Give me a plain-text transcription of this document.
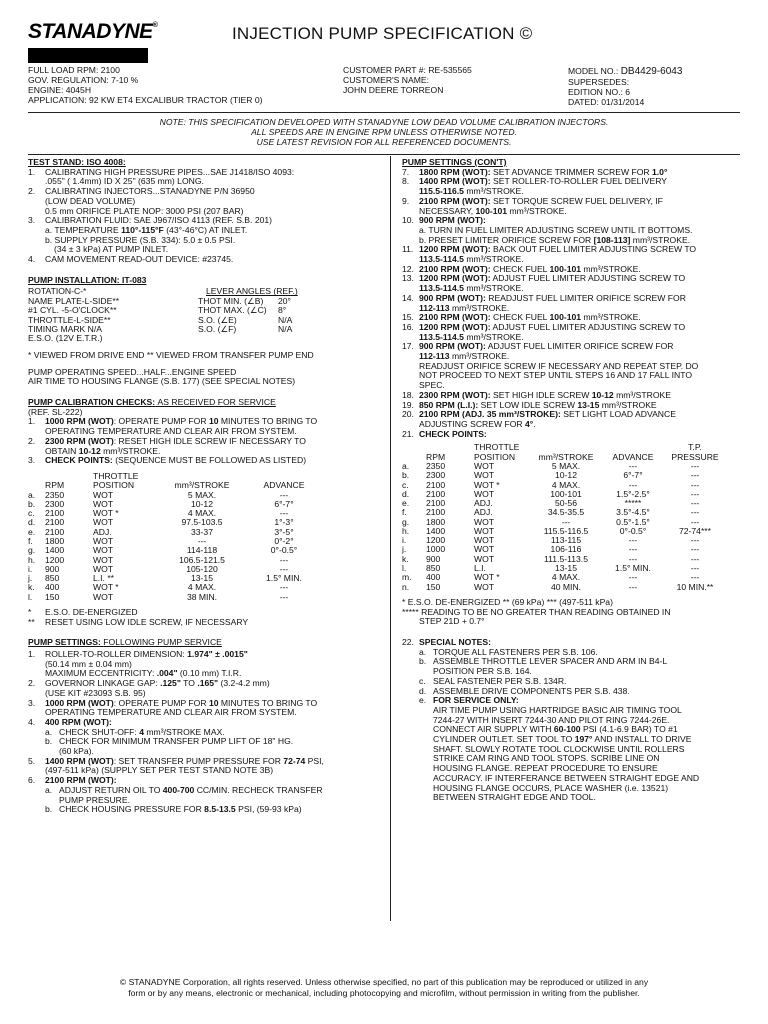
STANADYNE®	INJECTION PUMP SPECIFICATION ©
FULL LOAD RPM: 2100
GOV. REGULATION: 7-10 %
ENGINE: 4045H
APPLICATION: 92 KW ET4 EXCALIBUR TRACTOR (TIER 0)
CUSTOMER PART #: RE-535565
CUSTOMER'S NAME:
JOHN DEERE TORREON
MODEL NO.: DB4429-6043
SUPERSEDES:
EDITION NO.: 6
DATED: 01/31/2014
NOTE: THIS SPECIFICATION DEVELOPED WITH STANADYNE LOW DEAD VOLUME CALIBRATION INJECTORS.
ALL SPEEDS ARE IN ENGINE RPM UNLESS OTHERWISE NOTED.
USE LATEST REVISION FOR ALL REFERENCED DOCUMENTS.
TEST STAND: ISO 4008:
1.	CALIBRATING HIGH PRESSURE PIPES...SAE J1418/ISO 4093:
.055" ( 1.4mm) ID X 25" (635 mm) LONG.
2.	CALIBRATING INJECTORS...STANADYNE P/N 36950
(LOW DEAD VOLUME)
0.5 mm ORIFICE PLATE NOP: 3000 PSI (207 BAR)
3.	CALIBRATION FLUID: SAE J967/ISO 4113 (REF. S.B. 201)
a. TEMPERATURE 110°-115°F (43°-46°C) AT INLET.
b. SUPPLY PRESSURE (S.B. 334): 5.0 ± 0.5 PSI.
(34 ± 3 kPa) AT PUMP INLET.
4.	CAM MOVEMENT READ-OUT DEVICE: #23745.
PUMP INSTALLATION: IT-083
ROTATION-C-*	LEVER ANGLES (REF.)
NAME PLATE-L-SIDE**	THOT MIN. (∠B)	20°
#1 CYL. -5-O'CLOCK**	THOT MAX. (∠C)	8°
THROTTLE-L-SIDE**	S.O. (∠E)	N/A
TIMING MARK N/A	S.O. (∠F)	N/A
E.S.O. (12V E.T.R.)
* VIEWED FROM DRIVE END ** VIEWED FROM TRANSFER PUMP END
PUMP OPERATING SPEED...HALF...ENGINE SPEED
AIR TIME TO HOUSING FLANGE (S.B. 177) (SEE SPECIAL NOTES)
PUMP CALIBRATION CHECKS: AS RECEIVED FOR SERVICE
(REF. SL-222)
1.	1000 RPM (WOT): OPERATE PUMP FOR 10 MINUTES TO BRING TO
OPERATING TEMPERATURE AND CLEAR AIR FROM SYSTEM.
2.	2300 RPM (WOT): RESET HIGH IDLE SCREW IF NECESSARY TO
OBTAIN 10-12 mm³/STROKE.
3.	CHECK POINTS: (SEQUENCE MUST BE FOLLOWED AS LISTED)
	RPM	THROTTLE POSITION	mm³/STROKE	ADVANCE
a.	2350	WOT	5 MAX.	---
b.	2300	WOT	10-12	6°-7°
c.	2100	WOT *	4 MAX.	---
d.	2100	WOT	97.5-103.5	1°-3°
e.	2100	ADJ.	33-37	3°-5°
f.	1800	WOT	---	0°-2°
g.	1400	WOT	114-118	0°-0.5°
h.	1200	WOT	106.5-121.5	---
i.	900	WOT	105-120	---
j.	850	L.I. **	13-15	1.5° MIN.
k.	400	WOT *	4 MAX.	---
l.	150	WOT	38 MIN.	---
*	E.S.O. DE-ENERGIZED
**	RESET USING LOW IDLE SCREW, IF NECESSARY
PUMP SETTINGS: FOLLOWING PUMP SERVICE
1.	ROLLER-TO-ROLLER DIMENSION: 1.974" ± .0015"
(50.14 mm ± 0.04 mm)
MAXIMUM ECCENTRICITY: .004" (0.10 mm) T.I.R.
2.	GOVERNOR LINKAGE GAP: .125" TO .165" (3.2-4.2 mm)
(USE KIT #23093 S.B. 95)
3.	1000 RPM (WOT): OPERATE PUMP FOR 10 MINUTES TO BRING TO
OPERATING TEMPERATURE AND CLEAR AIR FROM SYSTEM.
4.	400 RPM (WOT):
a. CHECK SHUT-OFF: 4 mm³/STROKE MAX.
b. CHECK FOR MINIMUM TRANSFER PUMP LIFT OF 18" HG.
(60 kPa).
5.	1400 RPM (WOT): SET TRANSFER PUMP PRESSURE FOR 72-74 PSI,
(497-511 kPa) (SUPPLY SET PER TEST STAND NOTE 3B)
6.	2100 RPM (WOT):
a. ADJUST RETURN OIL TO 400-700 CC/MIN. RECHECK TRANSFER
PUMP PRESURE.
b. CHECK HOUSING PRESSURE FOR 8.5-13.5 PSI, (59-93 kPa)
PUMP SETTINGS (CON'T)
7.	1800 RPM (WOT): SET ADVANCE TRIMMER SCREW FOR 1.0°
8.	1400 RPM (WOT): SET ROLLER-TO-ROLLER FUEL DELIVERY
115.5-116.5 mm³/STROKE.
9.	2100 RPM (WOT): SET TORQUE SCREW FUEL DELIVERY, IF
NECESSARY, 100-101 mm³/STROKE.
10. 900 RPM (WOT):
a. TURN IN FUEL LIMITER ADJUSTING SCREW UNTIL IT BOTTOMS.
b. PRESET LIMITER ORIFICE SCREW FOR [108-113] mm³/STROKE.
11. 1200 RPM (WOT): BACK OUT FUEL LIMITER ADJUSTING SCREW TO
113.5-114.5 mm³/STROKE.
12. 2100 RPM (WOT): CHECK FUEL 100-101 mm³/STROKE.
13. 1200 RPM (WOT): ADJUST FUEL LIMITER ADJUSTING SCREW TO
113.5-114.5 mm³/STROKE.
14. 900 RPM (WOT): READJUST FUEL LIMITER ORIFICE SCREW FOR
112-113 mm³/STROKE.
15. 2100 RPM (WOT): CHECK FUEL 100-101 mm³/STROKE.
16. 1200 RPM (WOT): ADJUST FUEL LIMITER ADJUSTING SCREW TO
113.5-114.5 mm³/STROKE.
17. 900 RPM (WOT): ADJUST FUEL LIMITER ORIFICE SCREW FOR
112-113 mm³/STROKE.
READJUST ORIFICE SCREW IF NECESSARY AND REPEAT STEP. DO
NOT PROCEED TO NEXT STEP UNTIL STEPS 16 AND 17 FALL INTO
SPEC.
18. 2300 RPM (WOT): SET HIGH IDLE SCREW 10-12 mm³/STROKE
19. 850 RPM (L.I.): SET LOW IDLE SCREW 13-15 mm³/STROKE
20. 2100 RPM (ADJ. 35 mm³/STROKE): SET LIGHT LOAD ADVANCE
ADJUSTING SCREW FOR 4°.
21. CHECK POINTS:
	RPM	THROTTLE POSITION	mm³/STROKE	ADVANCE	T.P. PRESSURE
a.	2350	WOT	5 MAX.	---	---
b.	2300	WOT	10-12	6°-7°	---
c.	2100	WOT *	4 MAX.	---	---
d.	2100	WOT	100-101	1.5°-2.5°	---
e.	2100	ADJ.	50-56	*****	---
f.	2100	ADJ.	34.5-35.5	3.5°-4.5°	---
g.	1800	WOT	---	0.5°-1.5°	---
h.	1400	WOT	115.5-116.5	0°-0.5°	72-74***
i.	1200	WOT	113-115	---	---
j.	1000	WOT	106-116	---	---
k.	900	WOT	111.5-113.5	---	---
l.	850	L.I.	13-15	1.5° MIN.	---
m.	400	WOT *	4 MAX.	---	---
n.	150	WOT	40 MIN.	---	10 MIN.**
* E.S.O. DE-ENERGIZED ** (69 kPa) *** (497-511 kPa)
***** READING TO BE NO GREATER THAN READING OBTAINED IN
STEP 21D + 0.7°
22. SPECIAL NOTES:
a. TORQUE ALL FASTENERS PER S.B. 106.
b. ASSEMBLE THROTTLE LEVER SPACER AND ARM IN B4-L
POSITION PER S.B. 164.
c. SEAL FASTENER PER S.B. 134R.
d. ASSEMBLE DRIVE COMPONENTS PER S.B. 438.
e. FOR SERVICE ONLY:
AIR TIME PUMP USING HARTRIDGE BASIC AIR TIMING TOOL
7244-27 WITH INSERT 7244-30 AND PILOT RING 7244-26E.
CONNECT AIR SUPPLY WITH 60-100 PSI (4.1-6.9 BAR) TO #1
CYLINDER OUTLET. SET TOOL TO 197° AND INSTALL TO DRIVE
SHAFT. SLOWLY ROTATE TOOL CLOCKWISE UNTIL ROLLERS
STRIKE CAM RING AND TOOL STOPS. SCRIBE LINE ON
HOUSING FLANGE. REPEAT PROCEDURE TO ENSURE
ACCURACY. IF INTERFERANCE BETWEEN STRAIGHT EDGE AND
HOUSING FLANGE OCCURS, PLACE WASHER (i.e. 13521)
BETWEEN STRAIGHT EDGE AND TOOL.
© STANADYNE Corporation, all rights reserved. Unless otherwise specified, no part of this publication may be reproduced or utilized in any
form or by any means, electronic or mechanical, including photocopying and microfilm, without permission in writing from the publisher.
